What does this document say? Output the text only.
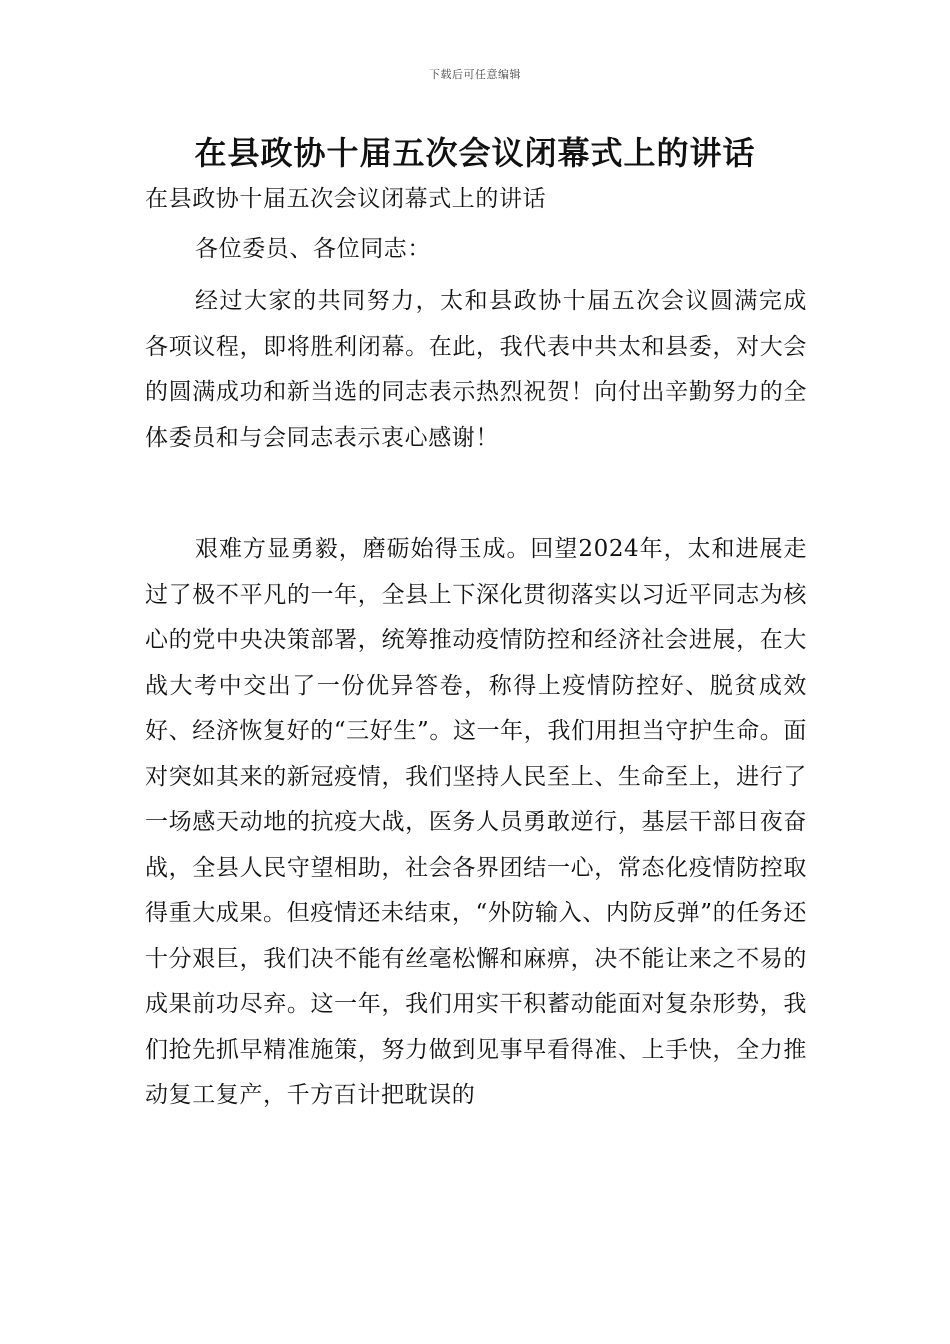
下载后可任意编辑
在县政协十届五次会议闭幕式上的讲话

在县政协十届五次会议闭幕式上的讲话

各位委员、各位同志：

经过大家的共同努力，太和县政协十届五次会议圆满完成各项议程，即将胜利闭幕。在此，我代表中共太和县委，对大会的圆满成功和新当选的同志表示热烈祝贺！向付出辛勤努力的全体委员和与会同志表示衷心感谢！

艰难方显勇毅，磨砺始得玉成。回望2024年，太和进展走过了极不平凡的一年，全县上下深化贯彻落实以习近平同志为核心的党中央决策部署，统筹推动疫情防控和经济社会进展，在大战大考中交出了一份优异答卷，称得上疫情防控好、脱贫成效好、经济恢复好的“三好生”。这一年，我们用担当守护生命。面对突如其来的新冠疫情，我们坚持人民至上、生命至上，进行了一场感天动地的抗疫大战，医务人员勇敢逆行，基层干部日夜奋战，全县人民守望相助，社会各界团结一心，常态化疫情防控取得重大成果。但疫情还未结束，“外防输入、内防反弹”的任务还十分艰巨，我们决不能有丝毫松懈和麻痹，决不能让来之不易的成果前功尽弃。这一年，我们用实干积蓄动能面对复杂形势，我们抢先抓早精准施策，努力做到见事早看得准、上手快，全力推动复工复产，千方百计把耽误的
